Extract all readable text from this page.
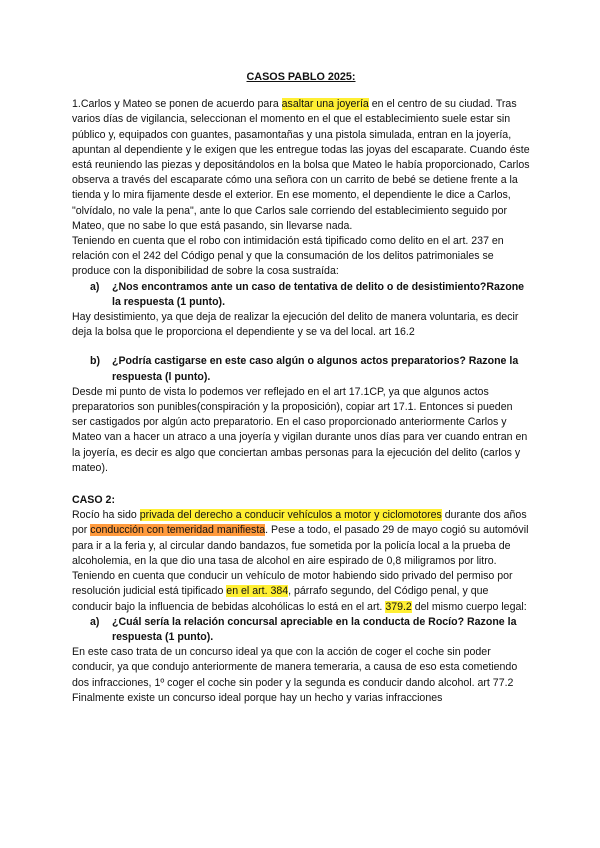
CASOS PABLO 2025:

1.Carlos y Mateo se ponen de acuerdo para asaltar una joyería en el centro de su ciudad. Tras varios días de vigilancia, seleccionan el momento en el que el establecimiento suele estar sin público y, equipados con guantes, pasamontañas y una pistola simulada, entran en la joyería, apuntan al dependiente y le exigen que les entregue todas las joyas del escaparate. Cuando éste está reuniendo las piezas y depositándolos en la bolsa que Mateo le había proporcionado, Carlos observa a través del escaparate cómo una señora con un carrito de bebé se detiene frente a la tienda y lo mira fijamente desde el exterior. En ese momento, el dependiente le dice a Carlos, "olvídalo, no vale la pena", ante lo que Carlos sale corriendo del establecimiento seguido por Mateo, que no sabe lo que está pasando, sin llevarse nada.

Teniendo en cuenta que el robo con intimidación está tipificado como delito en el art. 237 en relación con el 242 del Código penal y que la consumación de los delitos patrimoniales se produce con la disponibilidad de sobre la cosa sustraída:

a)	¿Nos encontramos ante un caso de tentativa de delito o de desistimiento?Razone la respuesta (1 punto).

Hay desistimiento, ya que deja de realizar la ejecución del delito de manera voluntaria, es decir deja la bolsa que le proporciona el dependiente y se va del local. art 16.2

b)	¿Podría castigarse en este caso algún o algunos actos preparatorios? Razone la respuesta (l punto).

Desde mi punto de vista lo podemos ver reflejado en el art 17.1CP, ya que algunos actos preparatorios son punibles(conspiración y la proposición), copiar art 17.1. Entonces si pueden ser castigados por algún acto preparatorio. En el caso proporcionado anteriormente Carlos y Mateo van a hacer un atraco a una joyería y vigilan durante unos días para ver cuando entran en la joyería, es decir es algo que conciertan ambas personas para la ejecución del delito (carlos y mateo).

CASO 2:

Rocío ha sido privada del derecho a conducir vehículos a motor y ciclomotores durante dos años por conducción con temeridad manifiesta. Pese a todo, el pasado 29 de mayo cogió su automóvil para ir a la feria y, al circular dando bandazos, fue sometida por la policía local a la prueba de alcoholemia, en la que dio una tasa de alcohol en aire espirado de 0,8 miligramos por litro.

Teniendo en cuenta que conducir un vehículo de motor habiendo sido privado del permiso por resolución judicial está tipificado en el art. 384, párrafo segundo, del Código penal, y que conducir bajo la influencia de bebidas alcohólicas lo está en el art. 379.2 del mismo cuerpo legal:

a)	¿Cuál sería la relación concursal apreciable en la conducta de Rocío? Razone la respuesta (1 punto).

En este caso trata de un concurso ideal ya que con la acción de coger el coche sin poder conducir, ya que condujo anteriormente de manera temeraria, a causa de eso esta cometiendo dos infracciones, 1º coger el coche sin poder y la segunda es conducir dando alcohol. art 77.2

Finalmente existe un concurso ideal porque hay un hecho y varias infracciones
